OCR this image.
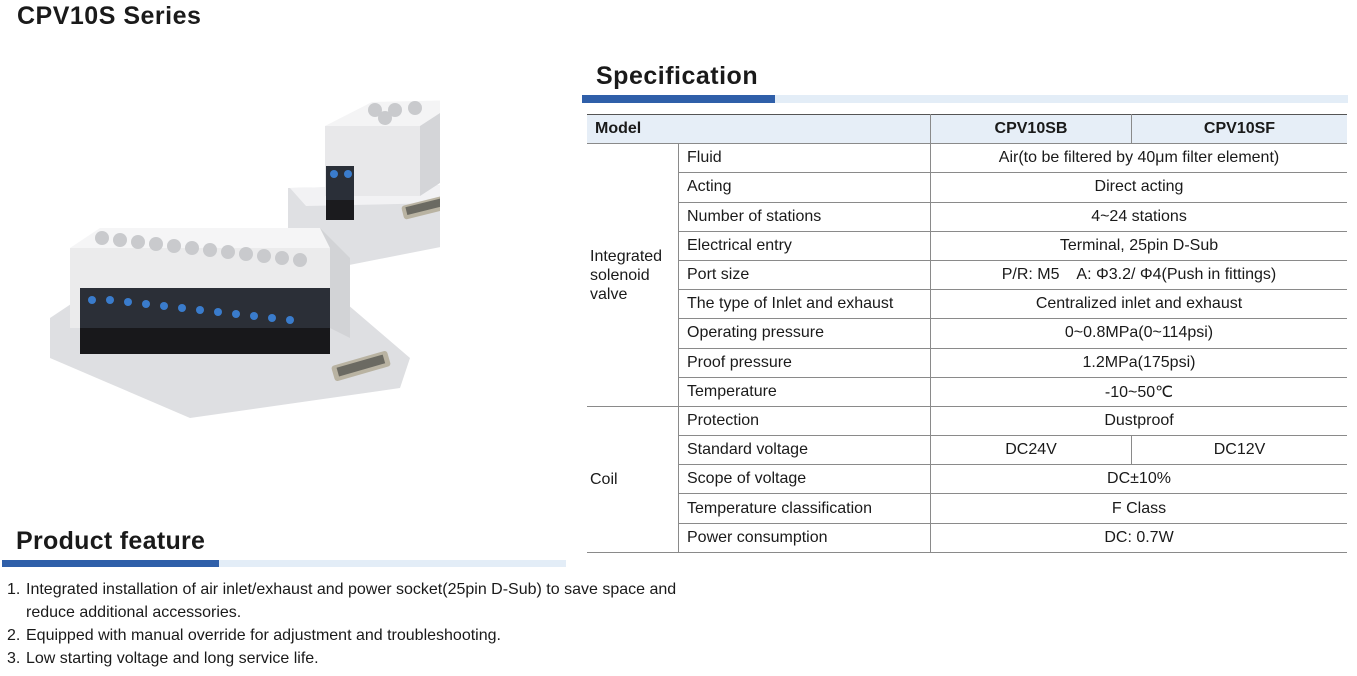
CPV10S Series
Specification
Model		CPV10SB	CPV10SF
Integrated solenoid valve	Fluid	Air(to be filtered by 40μm filter element)	
	Acting	Direct acting	
	Number of stations	4~24 stations	
	Electrical entry	Terminal, 25pin D-Sub	
	Port size	P/R: M5    A: Φ3.2/ Φ4(Push in fittings)	
	The type of Inlet and exhaust	Centralized inlet and exhaust	
	Operating pressure	0~0.8MPa(0~114psi)	
	Proof pressure	1.2MPa(175psi)	
	Temperature	-10~50℃	
Coil	Protection	Dustproof	
	Standard voltage	DC24V	DC12V
	Scope of voltage	DC±10%	
	Temperature classification	F Class	
	Power consumption	DC: 0.7W	
Product feature
1. Integrated installation of air inlet/exhaust and power socket(25pin D-Sub) to save space and
reduce additional accessories.
2. Equipped with manual override for adjustment and troubleshooting.
3. Low starting voltage and long service life.
